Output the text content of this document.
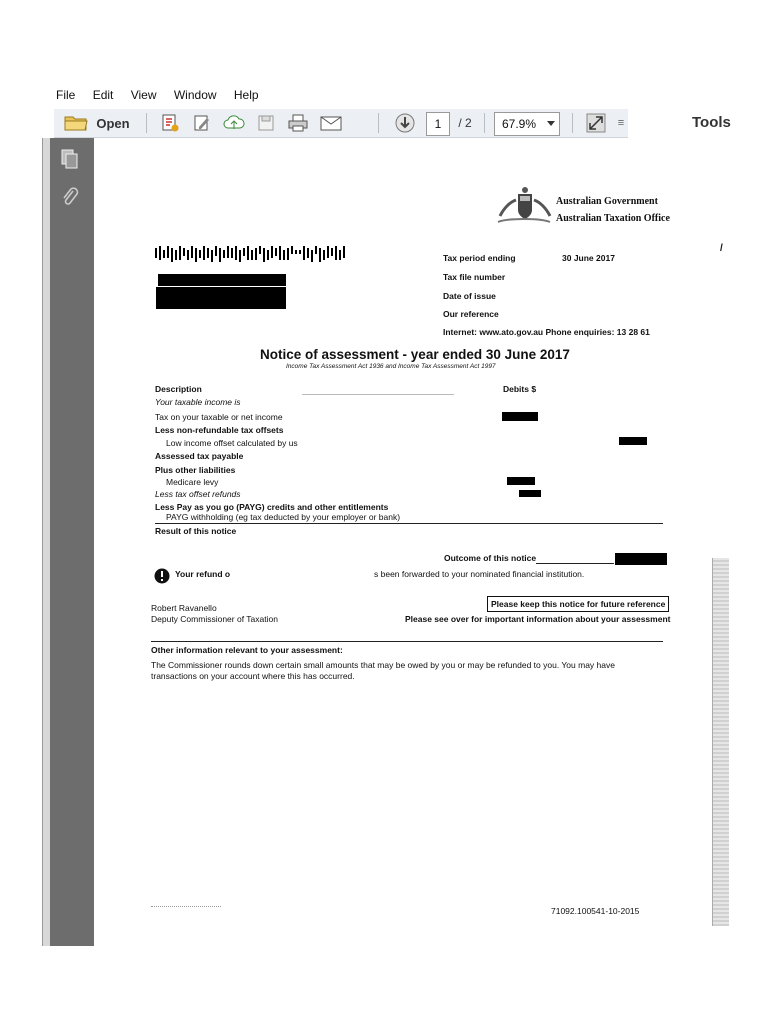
File Edit View Window Help
Open	1	/ 2	67.9%	≡	Tools
Australian Government
Australian Taxation Office
/
Tax period ending	30 June 2017
Tax file number
Date of issue
Our reference
Internet: www.ato.gov.au Phone enquiries: 13 28 61
Notice of assessment - year ended 30 June 2017
Income Tax Assessment Act 1936 and Income Tax Assessment Act 1997
Description	Debits $
Your taxable income is
Tax on your taxable or net income
Less non-refundable tax offsets
Low income offset calculated by us
Assessed tax payable
Plus other liabilities
Medicare levy
Less tax offset refunds
Less Pay as you go (PAYG) credits and other entitlements
PAYG withholding (eg tax deducted by your employer or bank)
Result of this notice
Outcome of this notice
Your refund o	s been forwarded to your nominated financial institution.
Robert Ravanello
Deputy Commissioner of Taxation
Please keep this notice for future reference
Please see over for important information about your assessment
Other information relevant to your assessment:
The Commissioner rounds down certain small amounts that may be owed by you or may be refunded to you. You may have transactions on your account where this has occurred.
71092.100541-10-2015
